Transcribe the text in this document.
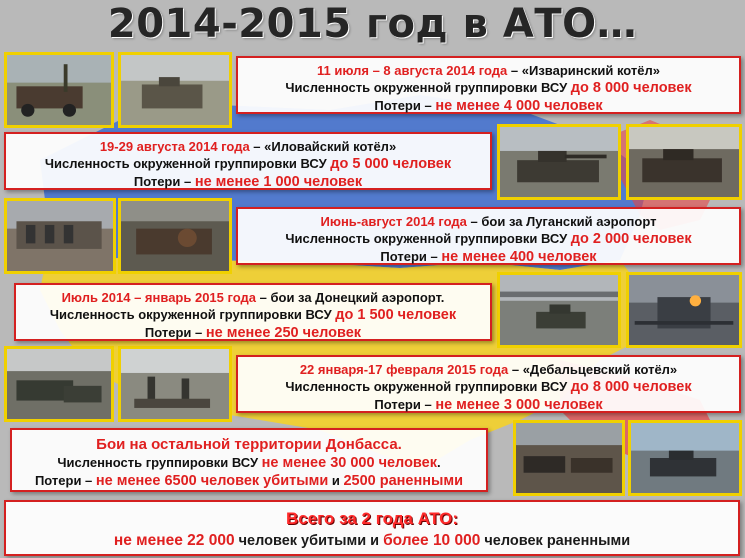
2014-2015 год в АТО…
11 июля – 8 августа 2014 года – «Изваринский котёл»
Численность окруженной группировки ВСУ до 8 000 человек
Потери – не менее 4 000 человек
19-29 августа 2014 года – «Иловайский котёл»
Численность окруженной группировки ВСУ до 5 000 человек
Потери – не менее 1 000 человек
Июнь-август 2014 года – бои за Луганский аэропорт
Численность окруженной группировки ВСУ до 2 000 человек
Потери – не менее 400 человек
Июль 2014 – январь 2015 года – бои за Донецкий аэропорт.
Численность окруженной группировки ВСУ до 1 500 человек
Потери – не менее 250 человек
22 января-17 февраля 2015 года – «Дебальцевский котёл»
Численность окруженной группировки ВСУ до 8 000 человек
Потери – не менее 3 000 человек
Бои на остальной территории Донбасса.
Численность группировки ВСУ не менее 30 000 человек.
Потери – не менее 6500 человек убитыми и 2500 раненными
Всего за 2 года АТО:
не менее 22 000 человек убитыми и более 10 000 человек раненными
